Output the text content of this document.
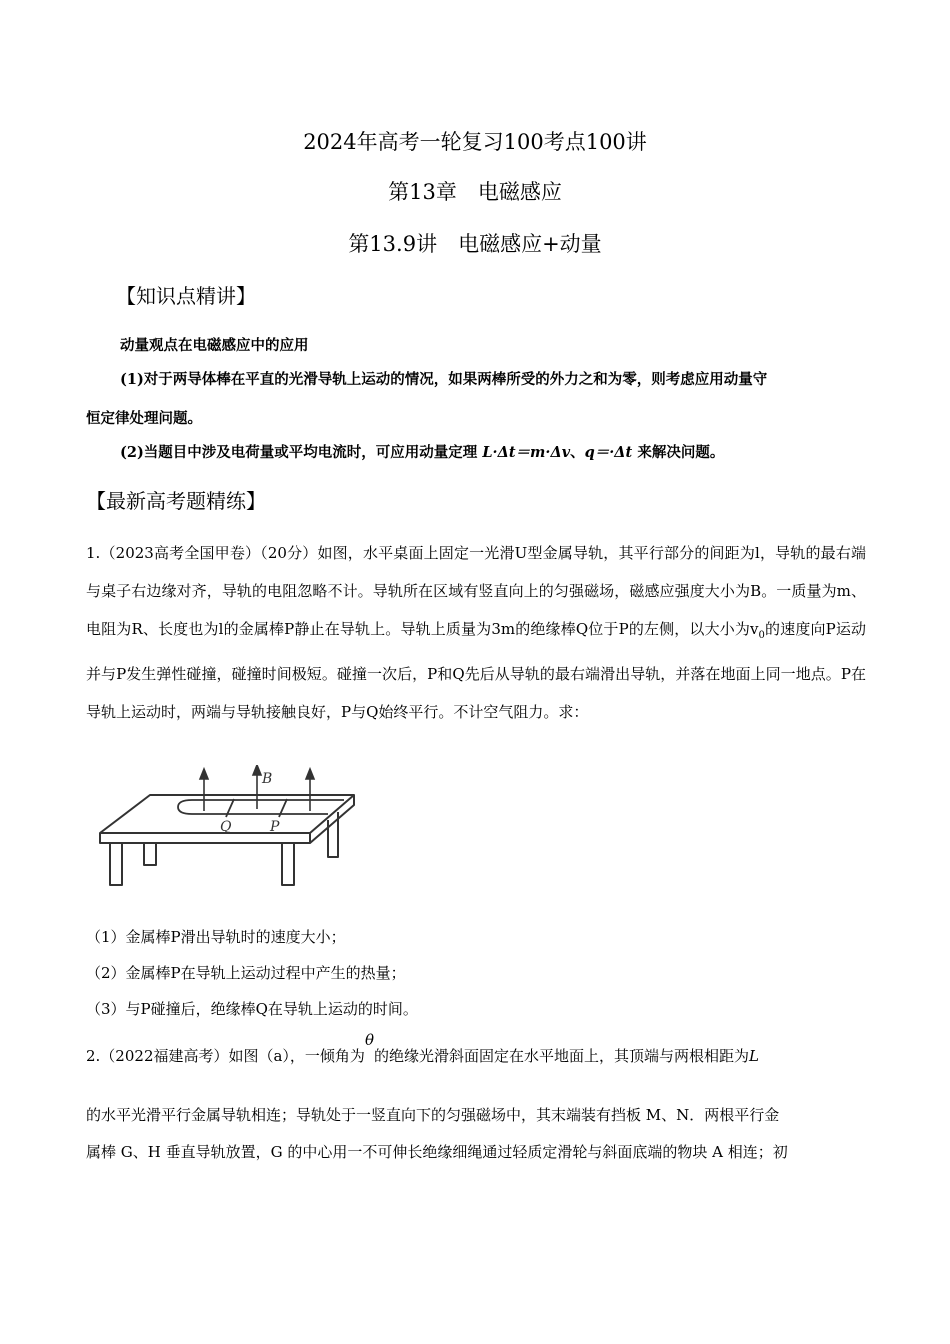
2024年高考一轮复习100考点100讲
第13章　电磁感应
第13.9讲　电磁感应+动量
【知识点精讲】
动量观点在电磁感应中的应用
(1)对于两导体棒在平直的光滑导轨上运动的情况，如果两棒所受的外力之和为零，则考虑应用动量守
恒定律处理问题。
(2)当题目中涉及电荷量或平均电流时，可应用动量定理 L·Δt＝m·Δv、q＝·Δt 来解决问题。
【最新高考题精练】
1.（2023高考全国甲卷）（20分）如图，水平桌面上固定一光滑U型金属导轨，其平行部分的间距为l，导轨的最右端与桌子右边缘对齐，导轨的电阻忽略不计。导轨所在区域有竖直向上的匀强磁场，磁感应强度大小为B。一质量为m、电阻为R、长度也为l的金属棒P静止在导轨上。导轨上质量为3m的绝缘棒Q位于P的左侧，以大小为$v_0$的速度向P运动并与P发生弹性碰撞，碰撞时间极短。碰撞一次后，P和Q先后从导轨的最右端滑出导轨，并落在地面上同一地点。P在导轨上运动时，两端与导轨接触良好，P与Q始终平行。不计空气阻力。求：
B
Q	P
（1）金属棒P滑出导轨时的速度大小；
（2）金属棒P在导轨上运动过程中产生的热量；
（3）与P碰撞后，绝缘棒Q在导轨上运动的时间。
2.（2022福建高考）如图（a），一倾角为θ的绝缘光滑斜面固定在水平地面上，其顶端与两根相距为L
的水平光滑平行金属导轨相连；导轨处于一竖直向下的匀强磁场中，其末端装有挡板 M、N．两根平行金
属棒 G、H 垂直导轨放置，G 的中心用一不可伸长绝缘细绳通过轻质定滑轮与斜面底端的物块 A 相连；初
